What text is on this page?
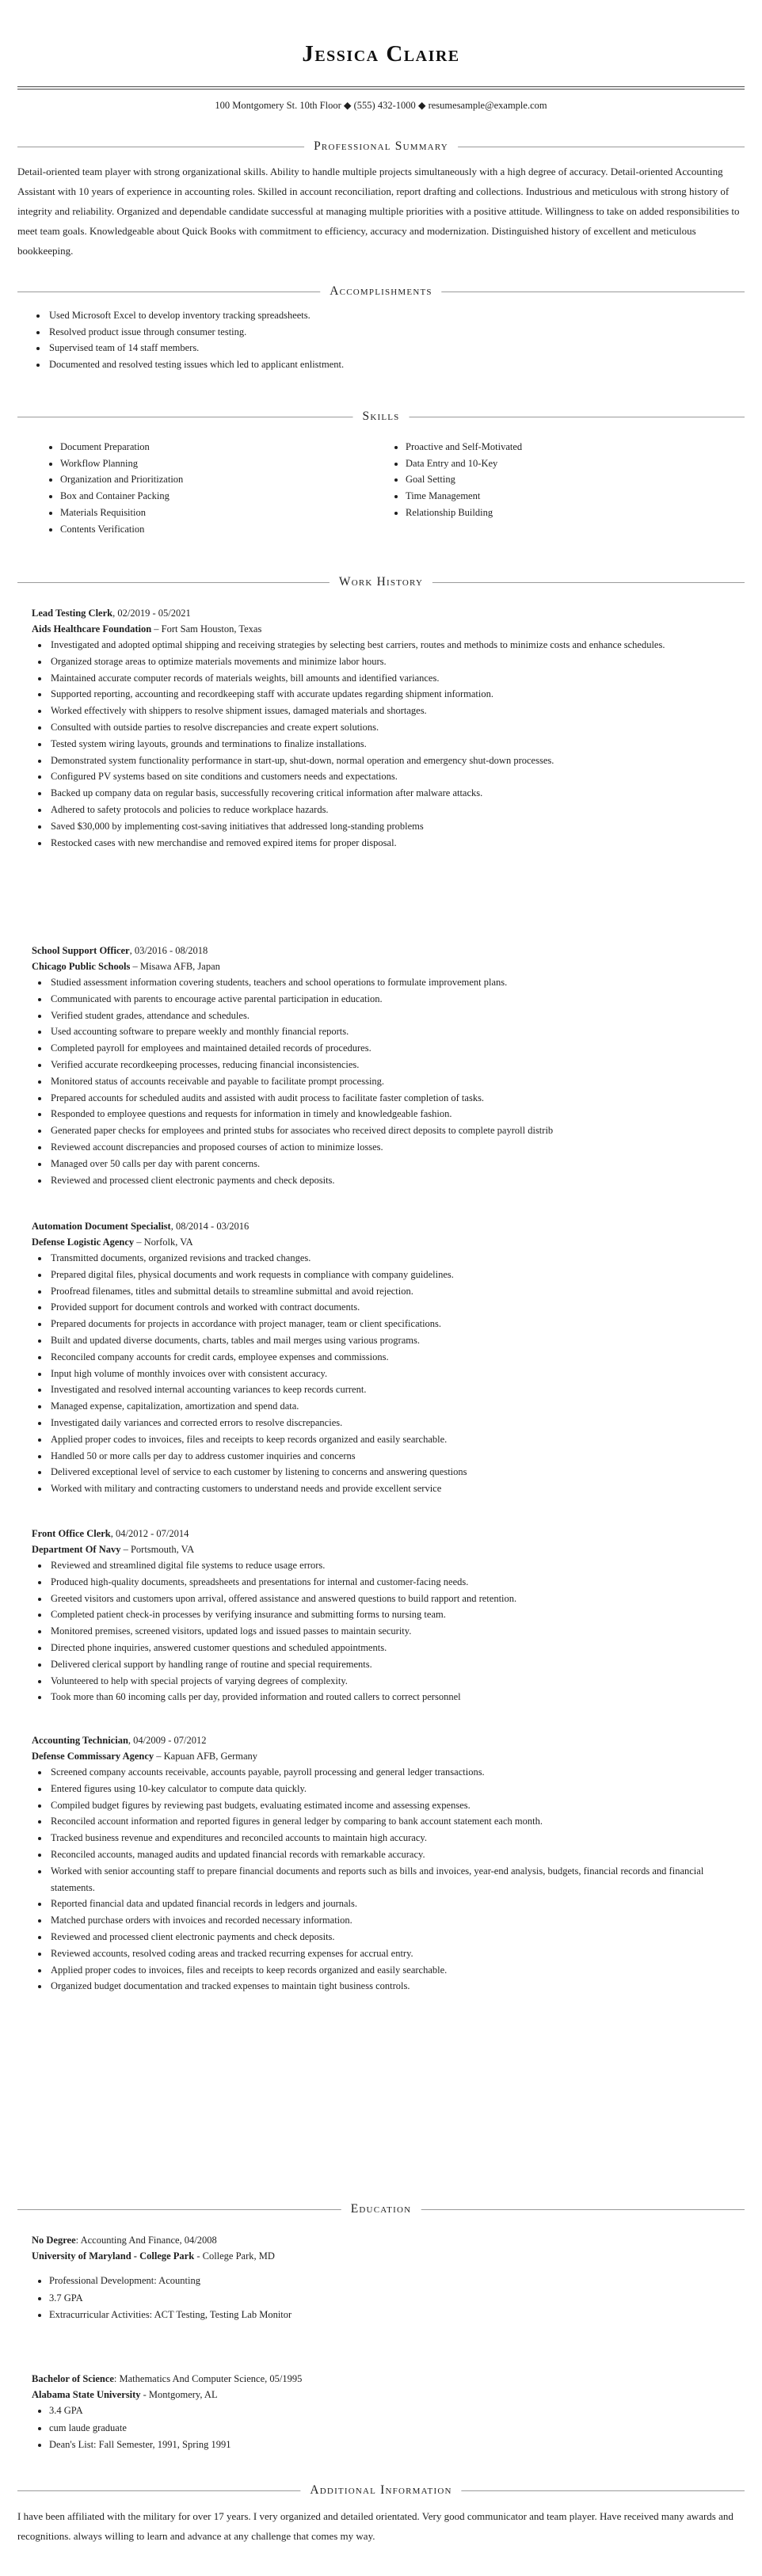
Jessica Claire
100 Montgomery St. 10th Floor ◆ (555) 432-1000 ◆ resumesample@example.com
Professional Summary
Detail-oriented team player with strong organizational skills. Ability to handle multiple projects simultaneously with a high degree of accuracy. Detail-oriented Accounting Assistant with 10 years of experience in accounting roles. Skilled in account reconciliation, report drafting and collections. Industrious and meticulous with strong history of integrity and reliability. Organized and dependable candidate successful at managing multiple priorities with a positive attitude. Willingness to take on added responsibilities to meet team goals. Knowledgeable about Quick Books with commitment to efficiency, accuracy and modernization. Distinguished history of excellent and meticulous bookkeeping.
Accomplishments
• Used Microsoft Excel to develop inventory tracking spreadsheets.
• Resolved product issue through consumer testing.
• Supervised team of 14 staff members.
• Documented and resolved testing issues which led to applicant enlistment.
Skills
• Document Preparation
• Workflow Planning
• Organization and Prioritization
• Box and Container Packing
• Materials Requisition
• Contents Verification
• Proactive and Self-Motivated
• Data Entry and 10-Key
• Goal Setting
• Time Management
• Relationship Building
Work History
Lead Testing Clerk, 02/2019 - 05/2021
Aids Healthcare Foundation – Fort Sam Houston, Texas
• Investigated and adopted optimal shipping and receiving strategies by selecting best carriers, routes and methods to minimize costs and enhance schedules.
• Organized storage areas to optimize materials movements and minimize labor hours.
• Maintained accurate computer records of materials weights, bill amounts and identified variances.
• Supported reporting, accounting and recordkeeping staff with accurate updates regarding shipment information.
• Worked effectively with shippers to resolve shipment issues, damaged materials and shortages.
• Consulted with outside parties to resolve discrepancies and create expert solutions.
• Tested system wiring layouts, grounds and terminations to finalize installations.
• Demonstrated system functionality performance in start-up, shut-down, normal operation and emergency shut-down processes.
• Configured PV systems based on site conditions and customers needs and expectations.
• Backed up company data on regular basis, successfully recovering critical information after malware attacks.
• Adhered to safety protocols and policies to reduce workplace hazards.
• Saved $30,000 by implementing cost-saving initiatives that addressed long-standing problems
• Restocked cases with new merchandise and removed expired items for proper disposal.
School Support Officer, 03/2016 - 08/2018
Chicago Public Schools – Misawa AFB, Japan
• Studied assessment information covering students, teachers and school operations to formulate improvement plans.
• Communicated with parents to encourage active parental participation in education.
• Verified student grades, attendance and schedules.
• Used accounting software to prepare weekly and monthly financial reports.
• Completed payroll for employees and maintained detailed records of procedures.
• Verified accurate recordkeeping processes, reducing financial inconsistencies.
• Monitored status of accounts receivable and payable to facilitate prompt processing.
• Prepared accounts for scheduled audits and assisted with audit process to facilitate faster completion of tasks.
• Responded to employee questions and requests for information in timely and knowledgeable fashion.
• Generated paper checks for employees and printed stubs for associates who received direct deposits to complete payroll distrib
• Reviewed account discrepancies and proposed courses of action to minimize losses.
• Managed over 50 calls per day with parent concerns.
• Reviewed and processed client electronic payments and check deposits.
Automation Document Specialist, 08/2014 - 03/2016
Defense Logistic Agency – Norfolk, VA
• Transmitted documents, organized revisions and tracked changes.
• Prepared digital files, physical documents and work requests in compliance with company guidelines.
• Proofread filenames, titles and submittal details to streamline submittal and avoid rejection.
• Provided support for document controls and worked with contract documents.
• Prepared documents for projects in accordance with project manager, team or client specifications.
• Built and updated diverse documents, charts, tables and mail merges using various programs.
• Reconciled company accounts for credit cards, employee expenses and commissions.
• Input high volume of monthly invoices over with consistent accuracy.
• Investigated and resolved internal accounting variances to keep records current.
• Managed expense, capitalization, amortization and spend data.
• Investigated daily variances and corrected errors to resolve discrepancies.
• Applied proper codes to invoices, files and receipts to keep records organized and easily searchable.
• Handled 50 or more calls per day to address customer inquiries and concerns
• Delivered exceptional level of service to each customer by listening to concerns and answering questions
• Worked with military and contracting customers to understand needs and provide excellent service
Front Office Clerk, 04/2012 - 07/2014
Department Of Navy – Portsmouth, VA
• Reviewed and streamlined digital file systems to reduce usage errors.
• Produced high-quality documents, spreadsheets and presentations for internal and customer-facing needs.
• Greeted visitors and customers upon arrival, offered assistance and answered questions to build rapport and retention.
• Completed patient check-in processes by verifying insurance and submitting forms to nursing team.
• Monitored premises, screened visitors, updated logs and issued passes to maintain security.
• Directed phone inquiries, answered customer questions and scheduled appointments.
• Delivered clerical support by handling range of routine and special requirements.
• Volunteered to help with special projects of varying degrees of complexity.
• Took more than 60 incoming calls per day, provided information and routed callers to correct personnel
Accounting Technician, 04/2009 - 07/2012
Defense Commissary Agency – Kapuan AFB, Germany
• Screened company accounts receivable, accounts payable, payroll processing and general ledger transactions.
• Entered figures using 10-key calculator to compute data quickly.
• Compiled budget figures by reviewing past budgets, evaluating estimated income and assessing expenses.
• Reconciled account information and reported figures in general ledger by comparing to bank account statement each month.
• Tracked business revenue and expenditures and reconciled accounts to maintain high accuracy.
• Reconciled accounts, managed audits and updated financial records with remarkable accuracy.
• Worked with senior accounting staff to prepare financial documents and reports such as bills and invoices, year-end analysis, budgets, financial records and financial statements.
• Reported financial data and updated financial records in ledgers and journals.
• Matched purchase orders with invoices and recorded necessary information.
• Reviewed and processed client electronic payments and check deposits.
• Reviewed accounts, resolved coding areas and tracked recurring expenses for accrual entry.
• Applied proper codes to invoices, files and receipts to keep records organized and easily searchable.
• Organized budget documentation and tracked expenses to maintain tight business controls.
Education
No Degree: Accounting And Finance, 04/2008
University of Maryland - College Park - College Park, MD
• Professional Development: Acounting
• 3.7 GPA
• Extracurricular Activities: ACT Testing, Testing Lab Monitor
Bachelor of Science: Mathematics And Computer Science, 05/1995
Alabama State University - Montgomery, AL
• 3.4 GPA
• cum laude graduate
• Dean's List: Fall Semester, 1991, Spring 1991
Additional Information
I have been affiliated with the military for over 17 years. I very organized and detailed orientated. Very good communicator and team player. Have received many awards and recognitions. always willing to learn and advance at any challenge that comes my way.
